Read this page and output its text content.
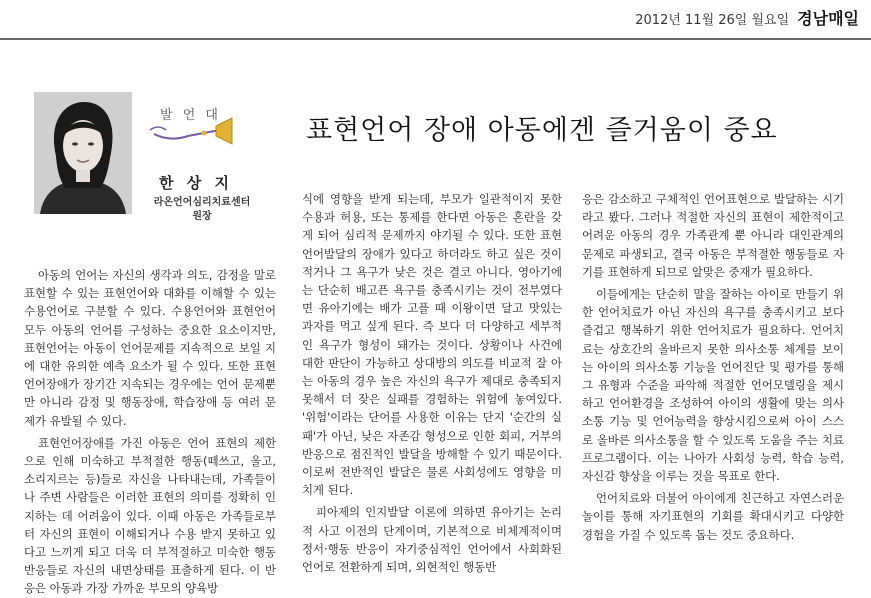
2012년 11월 26일 월요일 경남매일
발 언 대	표현언어 장애 아동에겐 즐거움이 중요
한 상 지
라온언어심리치료센터
원장

아동의 언어는 자신의 생각과 의도, 감정을 말로 표현할 수 있는 표현언어와 대화를 이해할 수 있는 수용언어로 구분할 수 있다. 수용언어와 표현언어 모두 아동의 언어를 구성하는 중요한 요소이지만, 표현언어는 아동이 언어문제를 지속적으로 보일 지에 대한 유의한 예측 요소가 될 수 있다. 또한 표현언어장애가 장기간 지속되는 경우에는 언어 문제뿐만 아니라 감정 및 행동장애, 학습장애 등 여러 문제가 유발될 수 있다.

표현언어장애를 가진 아동은 언어 표현의 제한으로 인해 미숙하고 부적절한 행동(떼쓰고, 울고, 소리지르는 등)들로 자신을 나타내는데, 가족들이나 주변 사람들은 이러한 표현의 의미를 정확히 인지하는 데 어려움이 있다. 이때 아동은 가족들로부터 자신의 표현이 이해되거나 수용 받지 못하고 있다고 느끼게 되고 더욱 더 부적절하고 미숙한 행동반응들로 자신의 내면상태를 표출하게 된다. 이 반응은 아동과 가장 가까운 부모의 양육방

식에 영향을 받게 되는데, 부모가 일관적이지 못한 수용과 허용, 또는 통제를 한다면 아동은 혼란을 갖게 되어 심리적 문제까지 야기될 수 있다. 또한 표현언어발달의 장애가 있다고 하더라도 하고 싶은 것이 적거나 그 욕구가 낮은 것은 결코 아니다. 영아기에는 단순히 배고픈 욕구를 충족시키는 것이 전부였다면 유아기에는 배가 고플 때 이왕이면 달고 맛있는 과자를 먹고 싶게 된다. 즉 보다 더 다양하고 세부적인 욕구가 형성이 돼가는 것이다. 상황이나 사건에 대한 판단이 가능하고 상대방의 의도를 비교적 잘 아는 아동의 경우 높은 자신의 욕구가 제대로 충족되지 못해서 더 잦은 실패를 경험하는 위험에 놓여있다. '위험'이라는 단어를 사용한 이유는 단지 '순간의 실패'가 아닌, 낮은 자존감 형성으로 인한 회피, 거부의 반응으로 점진적인 발달을 방해할 수 있기 때문이다. 이로써 전반적인 발달은 물론 사회성에도 영향을 미치게 된다.

피아제의 인지발달 이론에 의하면 유아기는 논리적 사고 이전의 단계이며, 기본적으로 비체계적이며 정서·행동 반응이 자기중심적인 언어에서 사회화된 언어로 전환하게 되며, 외현적인 행동반

응은 감소하고 구체적인 언어표현으로 발달하는 시기라고 봤다. 그러나 적절한 자신의 표현이 제한적이고 어려운 아동의 경우 가족관계 뿐 아니라 대인관계의 문제로 파생되고, 결국 아동은 부적절한 행동들로 자기를 표현하게 되므로 알맞은 중재가 필요하다.

이들에게는 단순히 말을 잘하는 아이로 만들기 위한 언어치료가 아닌 자신의 욕구를 충족시키고 보다 즐겁고 행복하기 위한 언어치료가 필요하다. 언어치료는 상호간의 올바르지 못한 의사소통 체계를 보이는 아이의 의사소통 기능을 언어진단 및 평가를 통해 그 유형과 수준을 파악해 적절한 언어모델링을 제시하고 언어환경을 조성하여 아이의 생활에 맞는 의사소통 기능 및 언어능력을 향상시킴으로써 아이 스스로 올바른 의사소통을 할 수 있도록 도움을 주는 치료프로그램이다. 이는 나아가 사회성 능력, 학습 능력, 자신감 향상을 이루는 것을 목표로 한다.

언어치료와 더불어 아이에게 친근하고 자연스러운 놀이를 통해 자기표현의 기회를 확대시키고 다양한 경험을 가질 수 있도록 돕는 것도 중요하다.
